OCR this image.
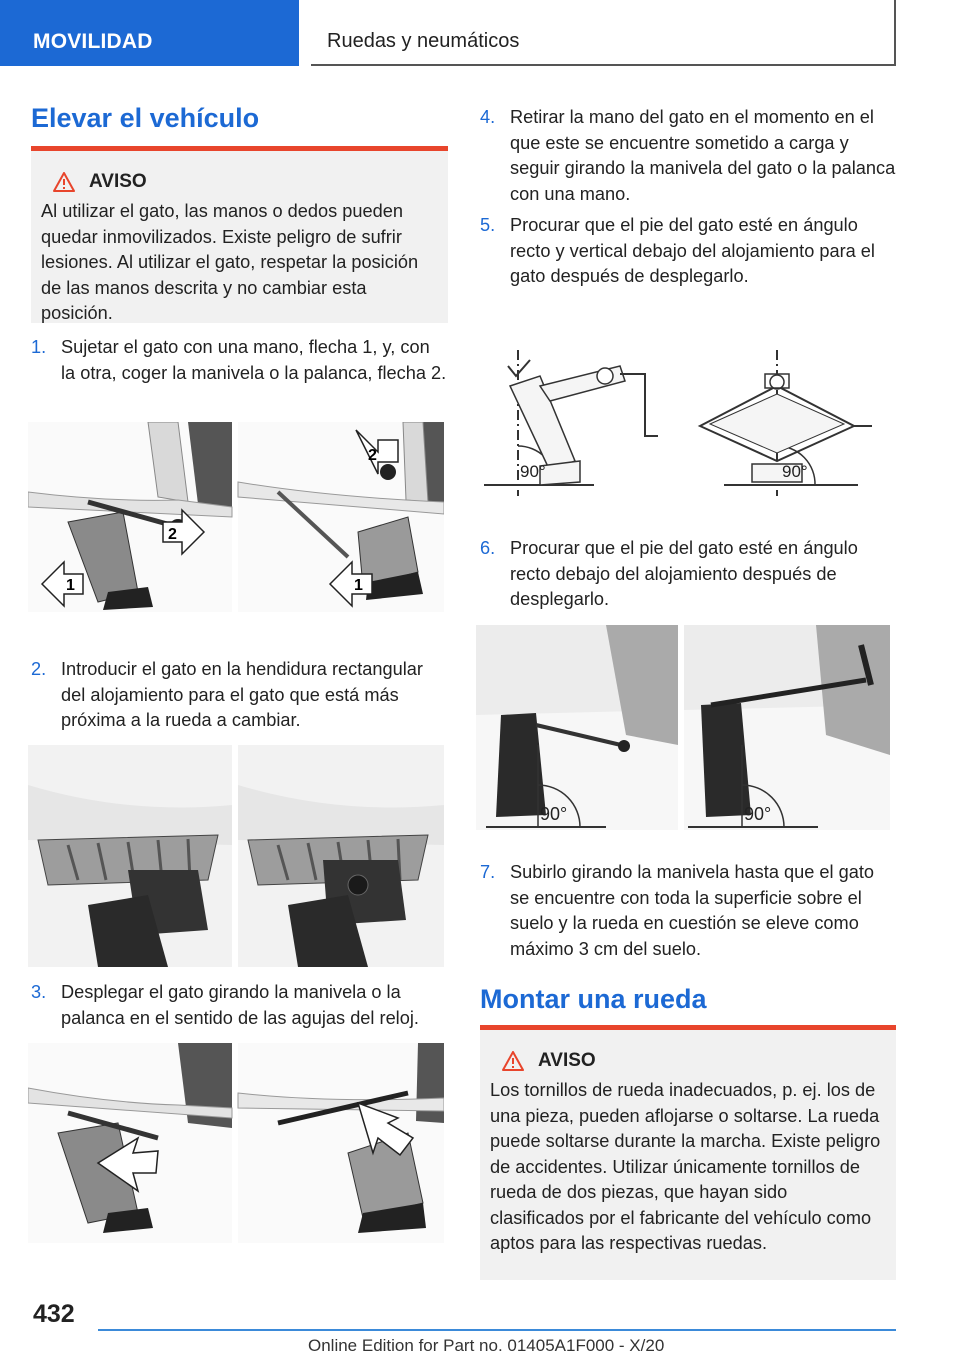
MOVILIDAD	Ruedas y neumáticos
Elevar el vehículo
AVISO
Al utilizar el gato, las manos o dedos pueden quedar inmovilizados. Existe peligro de sufrir lesiones. Al utilizar el gato, respetar la posición de las manos descrita y no cambiar esta posición.
1. Sujetar el gato con una mano, flecha 1, y, con la otra, coger la manivela o la palanca, flecha 2.
1
2
2
1
2. Introducir el gato en la hendidura rectangular del alojamiento para el gato que está más próxima a la rueda a cambiar.
3. Desplegar el gato girando la manivela o la palanca en el sentido de las agujas del reloj.
4. Retirar la mano del gato en el momento en el que este se encuentre sometido a carga y seguir girando la manivela del gato o la palanca con una mano.
5. Procurar que el pie del gato esté en ángulo recto y vertical debajo del alojamiento para el gato después de desplegarlo.
90°	90°
6. Procurar que el pie del gato esté en ángulo recto debajo del alojamiento después de desplegarlo.
90°	90°
7. Subirlo girando la manivela hasta que el gato se encuentre con toda la superficie sobre el suelo y la rueda en cuestión se eleve como máximo 3 cm del suelo.
Montar una rueda
AVISO
Los tornillos de rueda inadecuados, p. ej. los de una pieza, pueden aflojarse o soltarse. La rueda puede soltarse durante la marcha. Existe peligro de accidentes. Utilizar únicamente tornillos de rueda de dos piezas, que hayan sido clasificados por el fabricante del vehículo como aptos para las respectivas ruedas.
432
Online Edition for Part no. 01405A1F000 - X/20
